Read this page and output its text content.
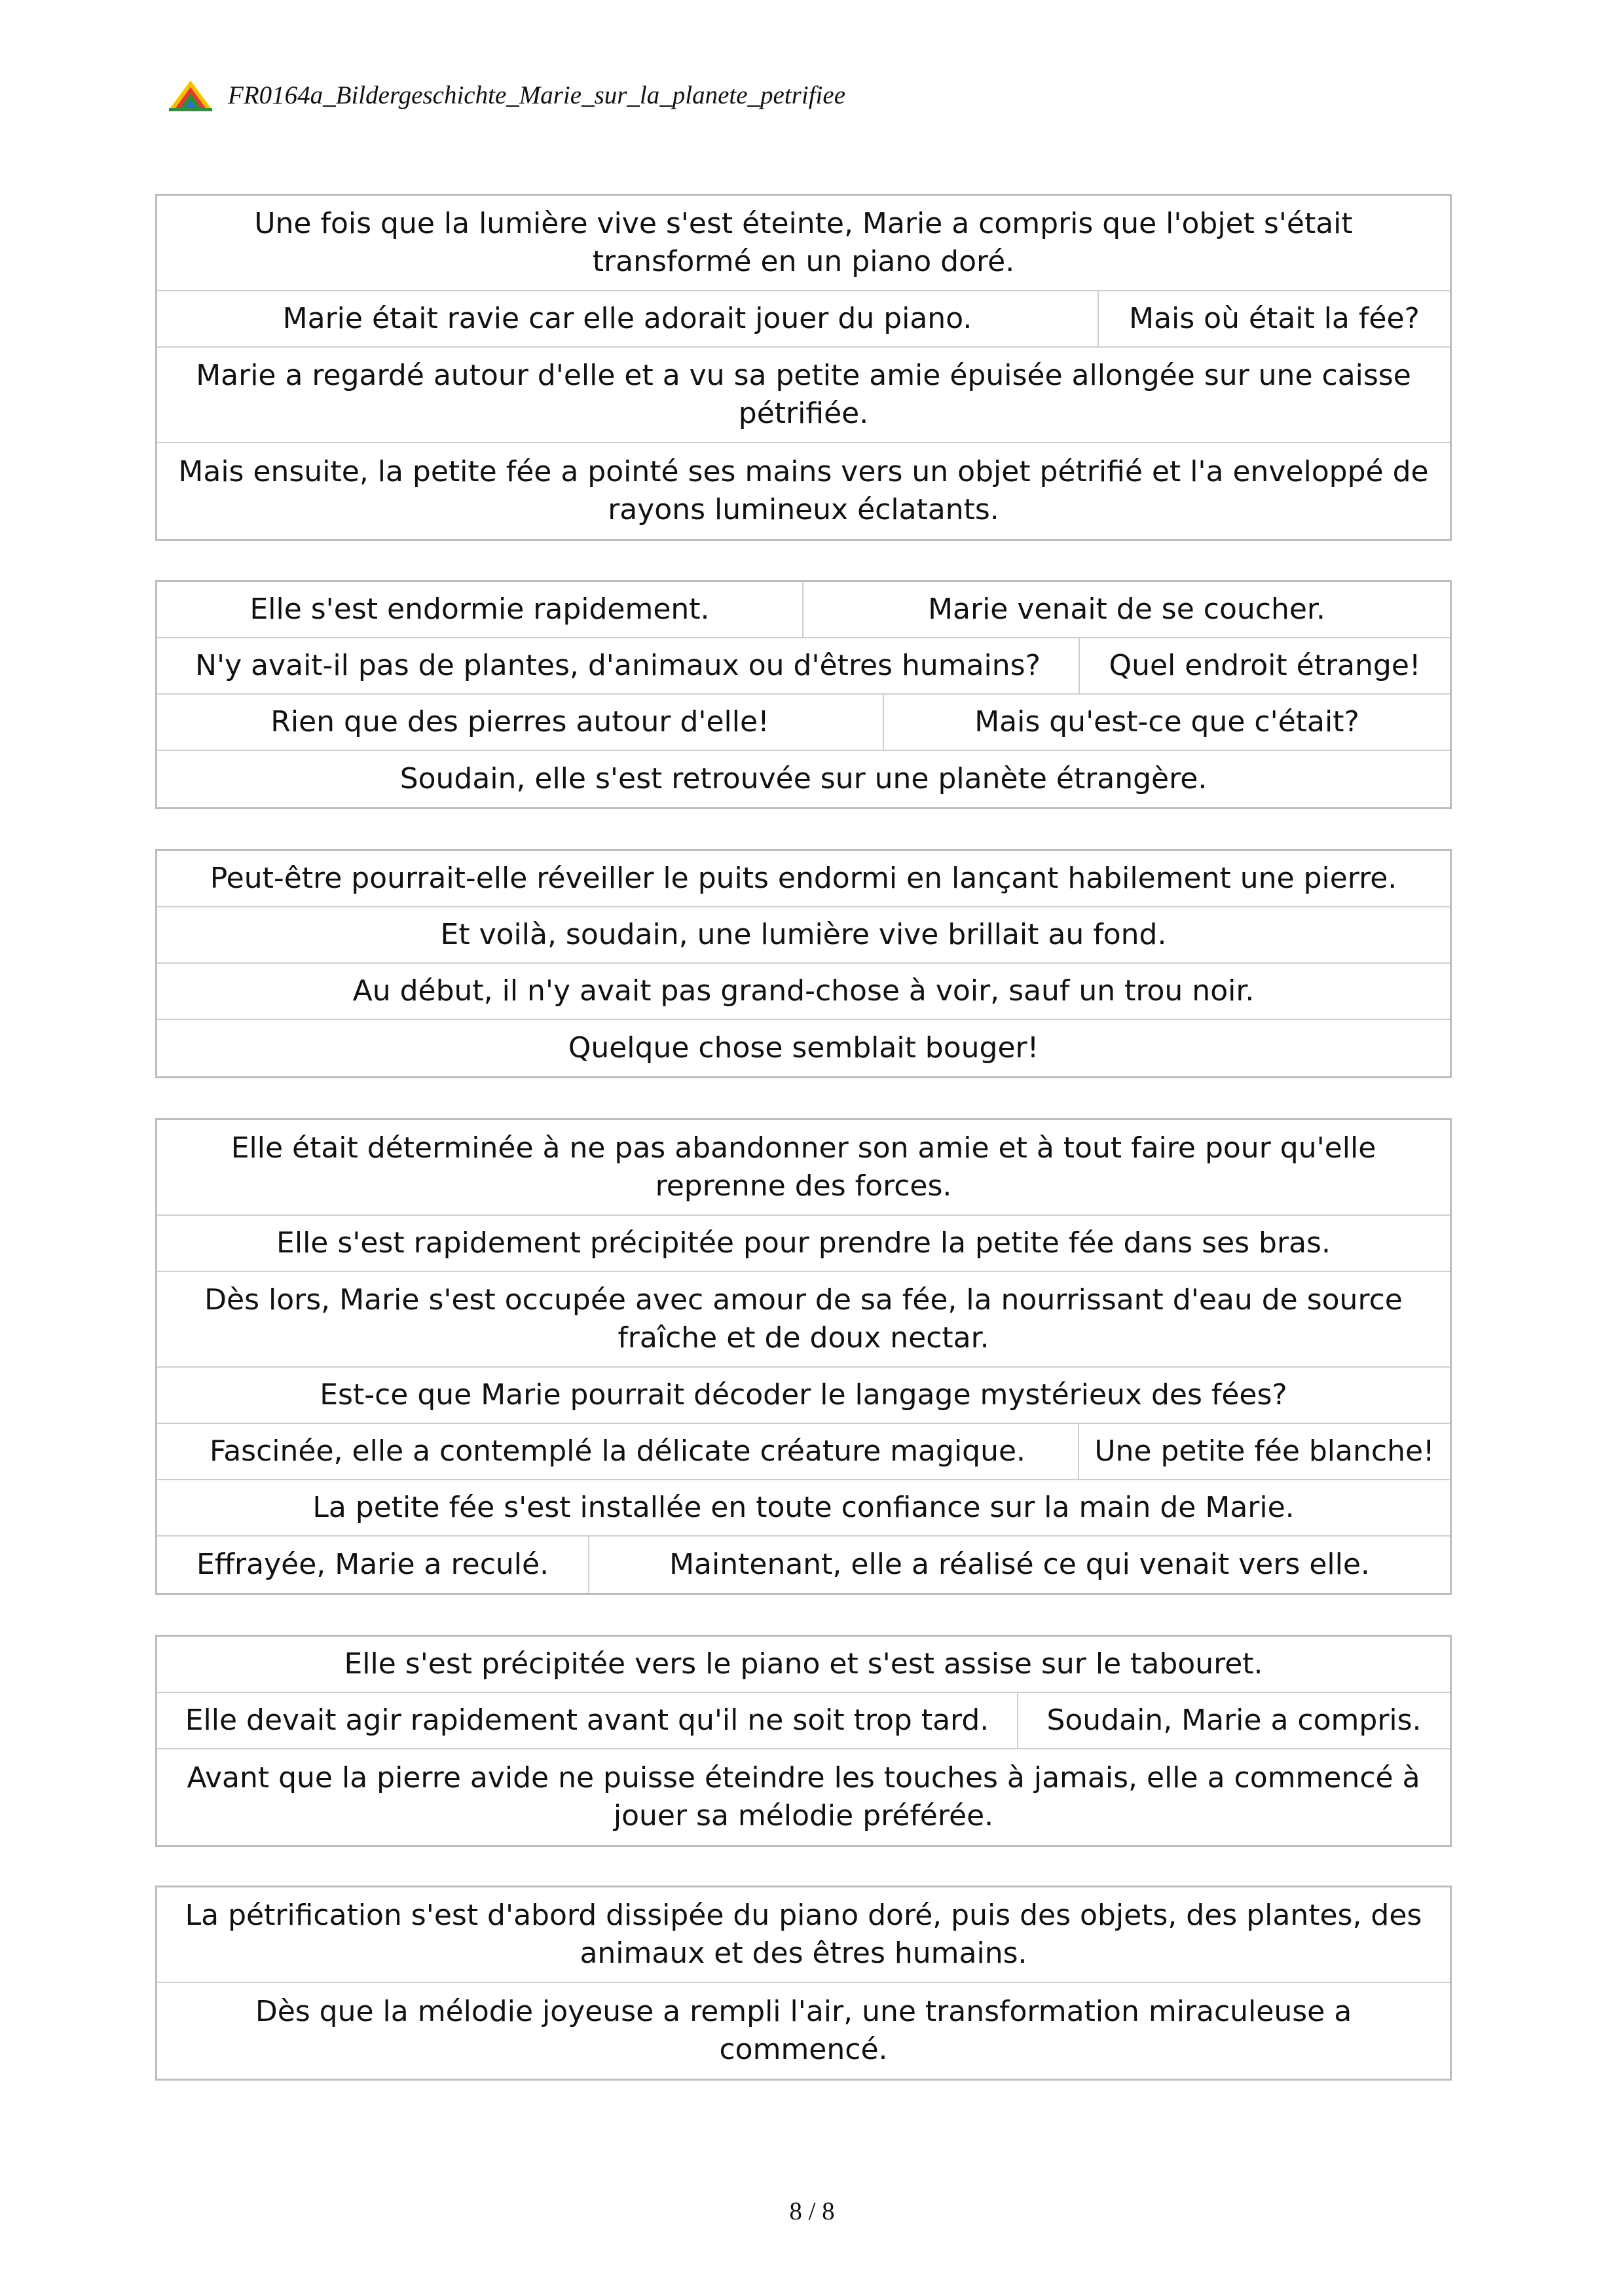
FR0164a_Bildergeschichte_Marie_sur_la_planete_petrifiee
Une fois que la lumière vive s'est éteinte, Marie a compris que l'objet s'était transformé en un piano doré.
Marie était ravie car elle adorait jouer du piano.	Mais où était la fée?
Marie a regardé autour d'elle et a vu sa petite amie épuisée allongée sur une caisse pétrifiée.
Mais ensuite, la petite fée a pointé ses mains vers un objet pétrifié et l'a enveloppé de rayons lumineux éclatants.
Elle s'est endormie rapidement.	Marie venait de se coucher.
N'y avait-il pas de plantes, d'animaux ou d'êtres humains?	Quel endroit étrange!
Rien que des pierres autour d'elle!	Mais qu'est-ce que c'était?
Soudain, elle s'est retrouvée sur une planète étrangère.
Peut-être pourrait-elle réveiller le puits endormi en lançant habilement une pierre.
Et voilà, soudain, une lumière vive brillait au fond.
Au début, il n'y avait pas grand-chose à voir, sauf un trou noir.
Quelque chose semblait bouger!
Elle était déterminée à ne pas abandonner son amie et à tout faire pour qu'elle reprenne des forces.
Elle s'est rapidement précipitée pour prendre la petite fée dans ses bras.
Dès lors, Marie s'est occupée avec amour de sa fée, la nourrissant d'eau de source fraîche et de doux nectar.
Est-ce que Marie pourrait décoder le langage mystérieux des fées?
Fascinée, elle a contemplé la délicate créature magique.	Une petite fée blanche!
La petite fée s'est installée en toute confiance sur la main de Marie.
Effrayée, Marie a reculé.	Maintenant, elle a réalisé ce qui venait vers elle.
Elle s'est précipitée vers le piano et s'est assise sur le tabouret.
Elle devait agir rapidement avant qu'il ne soit trop tard.	Soudain, Marie a compris.
Avant que la pierre avide ne puisse éteindre les touches à jamais, elle a commencé à jouer sa mélodie préférée.
La pétrification s'est d'abord dissipée du piano doré, puis des objets, des plantes, des animaux et des êtres humains.
Dès que la mélodie joyeuse a rempli l'air, une transformation miraculeuse a commencé.
8 / 8
